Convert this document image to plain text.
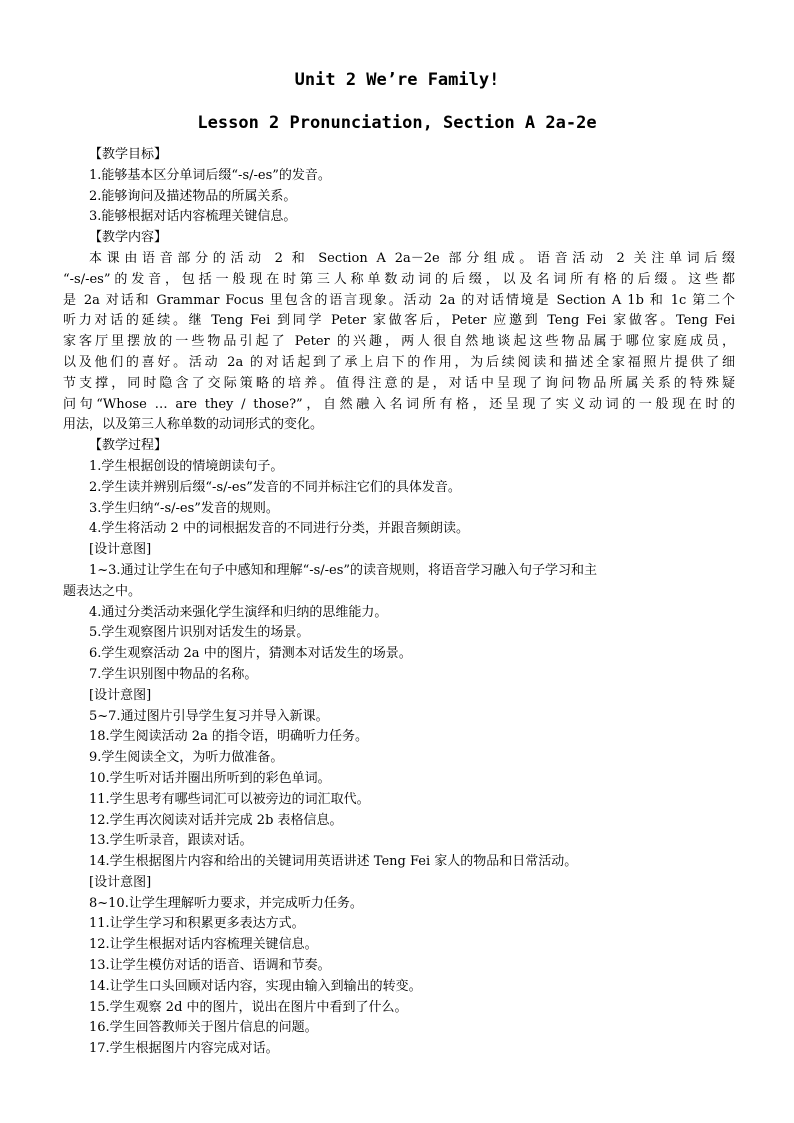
Unit 2 We’re Family!
Lesson 2 Pronunciation, Section A 2a-2e
【教学目标】
1.能够基本区分单词后缀“-s/-es”的发音。
2.能够询问及描述物品的所属关系。
3.能够根据对话内容梳理关键信息。
【教学内容】
本课由语音部分的活动 2 和 Section A 2a－2e 部分组成。语音活动 2 关注单词后缀
“-s/-es”的发音，包括一般现在时第三人称单数动词的后缀，以及名词所有格的后缀。这些都
是 2a 对话和 Grammar Focus 里包含的语言现象。活动 2a 的对话情境是 Section A 1b 和 1c 第二个
听力对话的延续。继 Teng Fei 到同学 Peter 家做客后，Peter 应邀到 Teng Fei 家做客。Teng Fei
家客厅里摆放的一些物品引起了 Peter 的兴趣，两人很自然地谈起这些物品属于哪位家庭成员，
以及他们的喜好。活动 2a 的对话起到了承上启下的作用，为后续阅读和描述全家福照片提供了细
节支撑，同时隐含了交际策略的培养。值得注意的是，对话中呈现了询问物品所属关系的特殊疑
问句“Whose … are they / those?”，自然融入名词所有格，还呈现了实义动词的一般现在时的
用法，以及第三人称单数的动词形式的变化。
【教学过程】
1.学生根据创设的情境朗读句子。
2.学生读并辨别后缀“-s/-es”发音的不同并标注它们的具体发音。
3.学生归纳“-s/-es”发音的规则。
4.学生将活动 2 中的词根据发音的不同进行分类，并跟音频朗读。
[设计意图]
1~3.通过让学生在句子中感知和理解“-s/-es”的读音规则，将语音学习融入句子学习和主
题表达之中。
4.通过分类活动来强化学生演绎和归纳的思维能力。
5.学生观察图片识别对话发生的场景。
6.学生观察活动 2a 中的图片，猜测本对话发生的场景。
7.学生识别图中物品的名称。
[设计意图]
5~7.通过图片引导学生复习并导入新课。
18.学生阅读活动 2a 的指令语，明确听力任务。
9.学生阅读全文，为听力做准备。
10.学生听对话并圈出所听到的彩色单词。
11.学生思考有哪些词汇可以被旁边的词汇取代。
12.学生再次阅读对话并完成 2b 表格信息。
13.学生听录音，跟读对话。
14.学生根据图片内容和给出的关键词用英语讲述 Teng Fei 家人的物品和日常活动。
[设计意图]
8~10.让学生理解听力要求，并完成听力任务。
11.让学生学习和积累更多表达方式。
12.让学生根据对话内容梳理关键信息。
13.让学生模仿对话的语音、语调和节奏。
14.让学生口头回顾对话内容，实现由输入到输出的转变。
15.学生观察 2d 中的图片，说出在图片中看到了什么。
16.学生回答教师关于图片信息的问题。
17.学生根据图片内容完成对话。
